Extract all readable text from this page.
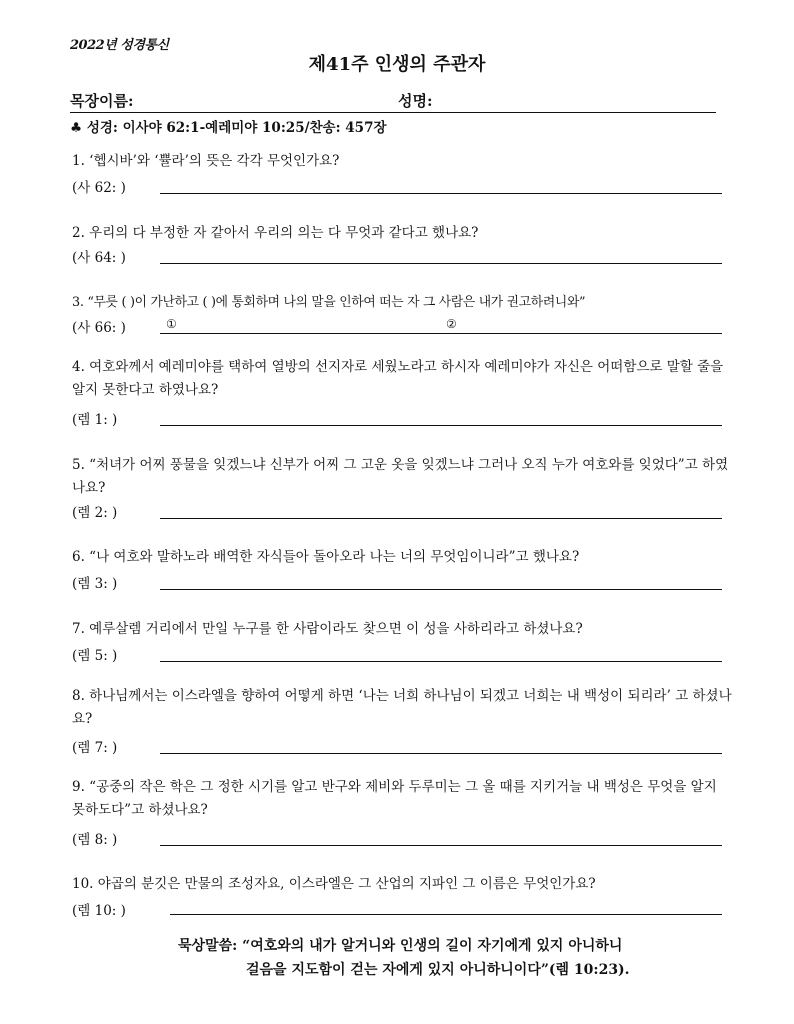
2022년 성경통신
제41주 인생의 주관자
목장이름:	성명:
♣ 성경: 이사야 62:1-예레미야 10:25/찬송: 457장
1. ‘헵시바’와 ‘쁄라’의 뜻은 각각 무엇인가요?
(사 62: )
2. 우리의 다 부정한 자 같아서 우리의 의는 다 무엇과 같다고 했나요?
(사 64: )
3. “무릇 ( )이 가난하고 ( )에 통회하며 나의 말을 인하여 떠는 자 그 사람은 내가 권고하려니와”
(사 66: )	①	②
4. 여호와께서 예레미야를 택하여 열방의 선지자로 세웠노라고 하시자 예레미야가 자신은 어떠함으로 말할 줄을 알지 못한다고 하였나요?
(렘 1: )
5. “처녀가 어찌 풍물을 잊겠느냐 신부가 어찌 그 고운 옷을 잊겠느냐 그러나 오직 누가 여호와를 잊었다”고 하였나요?
(렘 2: )
6. “나 여호와 말하노라 배역한 자식들아 돌아오라 나는 너의 무엇임이니라”고 했나요?
(렘 3: )
7. 예루살렘 거리에서 만일 누구를 한 사람이라도 찾으면 이 성을 사하리라고 하셨나요?
(렘 5: )
8. 하나님께서는 이스라엘을 향하여 어떻게 하면 ‘나는 너희 하나님이 되겠고 너희는 내 백성이 되리라’ 고 하셨나요?
(렘 7: )
9. “공중의 작은 학은 그 정한 시기를 알고 반구와 제비와 두루미는 그 올 때를 지키거늘 내 백성은 무엇을 알지 못하도다”고 하셨나요?
(렘 8: )
10. 야곱의 분깃은 만물의 조성자요, 이스라엘은 그 산업의 지파인 그 이름은 무엇인가요?
(렘 10: )
묵상말씀: “여호와의 내가 알거니와 인생의 길이 자기에게 있지 아니하니
걸음을 지도함이 걷는 자에게 있지 아니하니이다”(렘 10:23).
